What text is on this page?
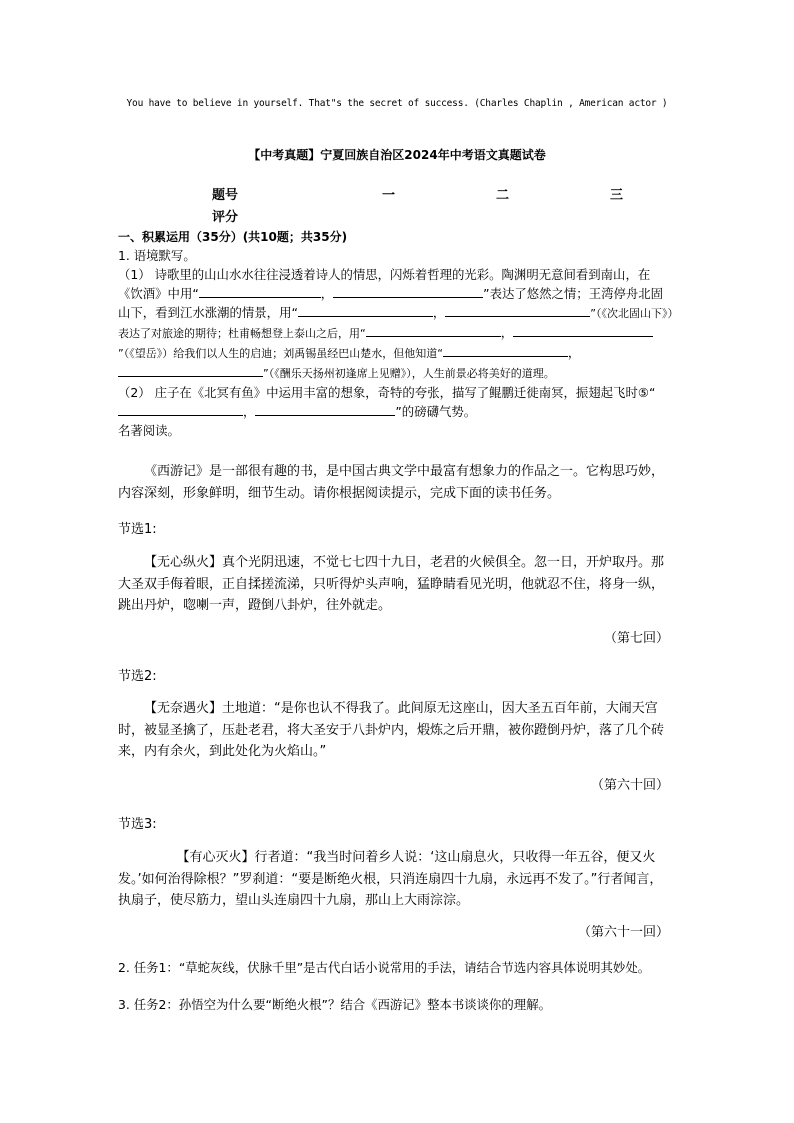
You have to believe in yourself. That"s the secret of success. (Charles Chaplin , American actor )
【中考真题】宁夏回族自治区2024年中考语文真题试卷
题号	一	二	三
评分
一、积累运用（35分）(共10题；共35分)

1. 语境默写。

（1） 诗歌里的山山水水往往浸透着诗人的情思，闪烁着哲理的光彩。陶渊明无意间看到南山，在《饮酒》中用“	，	”表达了悠然之情；王湾停舟北固山下，看到江水涨潮的情景，用“	，	”（《次北固山下》）表达了对旅途的期待；杜甫畅想登上泰山之后，用“	，”（《望岳》）给我们以人生的启迪；刘禹锡虽经巴山楚水，但他知道“	，”（《酬乐天扬州初逢席上见赠》），人生前景必将美好的道理。

（2） 庄子在《北冥有鱼》中运用丰富的想象，奇特的夸张，描写了鲲鹏迁徙南冥，振翅起飞时⑤“，	”的磅礴气势。

名著阅读。

《西游记》是一部很有趣的书，是中国古典文学中最富有想象力的作品之一。它构思巧妙，内容深刻，形象鲜明，细节生动。请你根据阅读提示，完成下面的读书任务。
节选1:
【无心纵火】真个光阴迅速，不觉七七四十九日，老君的火候俱全。忽一日，开炉取丹。那大圣双手侮着眼，正自揉搓流涕，只听得炉头声响，猛睁睛看见光明，他就忍不住，将身一纵，跳出丹炉，唿喇一声，蹬倒八卦炉，往外就走。
（第七回）
节选2:
【无奈遇火】土地道：“是你也认不得我了。此间原无这座山，因大圣五百年前，大闹天宫时，被显圣擒了，压赴老君，将大圣安于八卦炉内，煅炼之后开鼎，被你蹬倒丹炉，落了几个砖来，内有余火，到此处化为火焰山。”
（第六十回）
节选3:
【有心灭火】行者道：“我当时问着乡人说：‘这山扇息火，只收得一年五谷，便又火发。’如何治得除根？”罗刹道：“要是断绝火根，只消连扇四十九扇，永远再不发了。”行者闻言，执扇子，使尽筋力，望山头连扇四十九扇，那山上大雨淙淙。
（第六十一回）
2. 任务1：“草蛇灰线，伏脉千里”是古代白话小说常用的手法，请结合节选内容具体说明其妙处。
3. 任务2：孙悟空为什么要“断绝火根”？结合《西游记》整本书谈谈你的理解。
